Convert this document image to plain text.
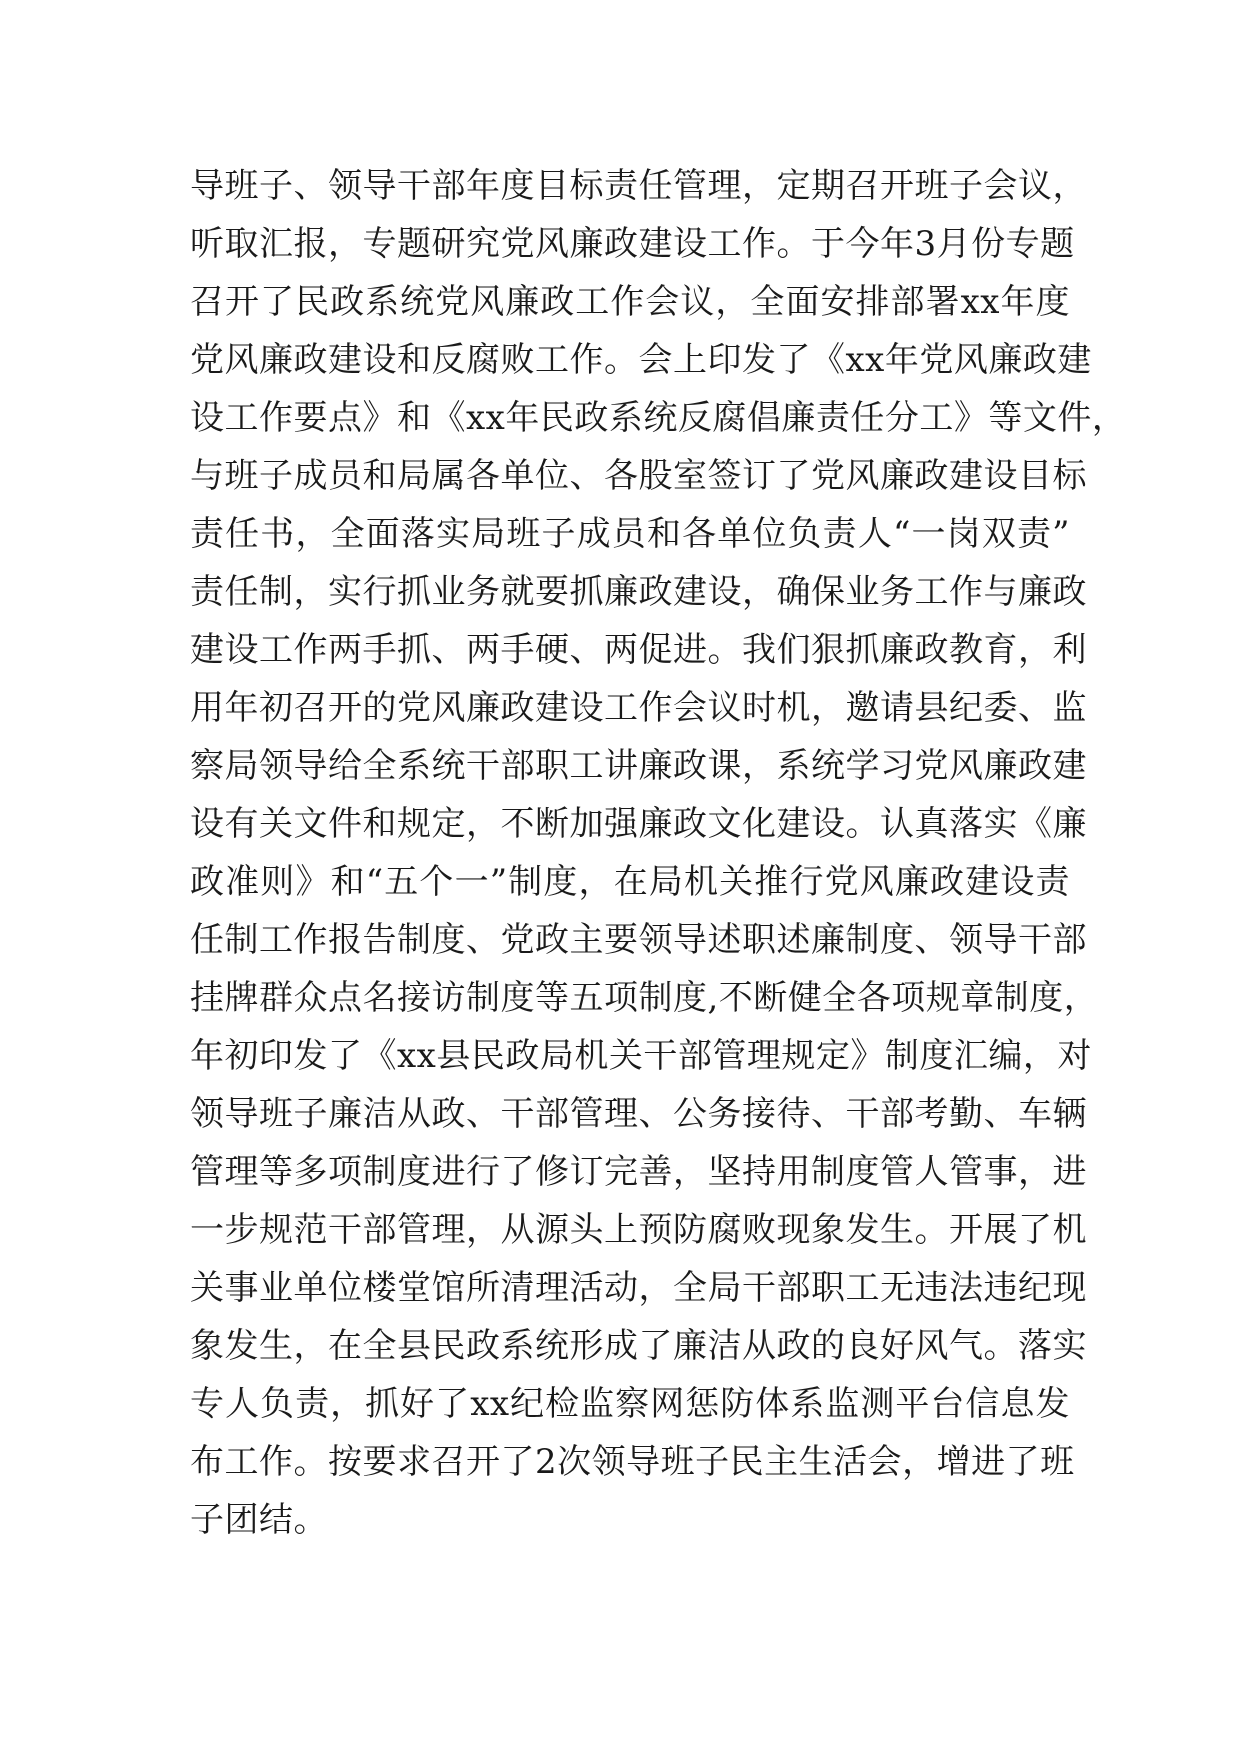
导班子、领导干部年度目标责任管理，定期召开班子会议，
听取汇报，专题研究党风廉政建设工作。于今年3月份专题
召开了民政系统党风廉政工作会议，全面安排部署xx年度
党风廉政建设和反腐败工作。会上印发了《xx年党风廉政建
设工作要点》和《xx年民政系统反腐倡廉责任分工》等文件，
与班子成员和局属各单位、各股室签订了党风廉政建设目标
责任书，全面落实局班子成员和各单位负责人“一岗双责”
责任制，实行抓业务就要抓廉政建设，确保业务工作与廉政
建设工作两手抓、两手硬、两促进。我们狠抓廉政教育，利
用年初召开的党风廉政建设工作会议时机，邀请县纪委、监
察局领导给全系统干部职工讲廉政课，系统学习党风廉政建
设有关文件和规定，不断加强廉政文化建设。认真落实《廉
政准则》和“五个一”制度，在局机关推行党风廉政建设责
任制工作报告制度、党政主要领导述职述廉制度、领导干部
挂牌群众点名接访制度等五项制度,不断健全各项规章制度，
年初印发了《xx县民政局机关干部管理规定》制度汇编，对
领导班子廉洁从政、干部管理、公务接待、干部考勤、车辆
管理等多项制度进行了修订完善，坚持用制度管人管事，进
一步规范干部管理，从源头上预防腐败现象发生。开展了机
关事业单位楼堂馆所清理活动，全局干部职工无违法违纪现
象发生，在全县民政系统形成了廉洁从政的良好风气。落实
专人负责，抓好了xx纪检监察网惩防体系监测平台信息发
布工作。按要求召开了2次领导班子民主生活会，增进了班
子团结。
